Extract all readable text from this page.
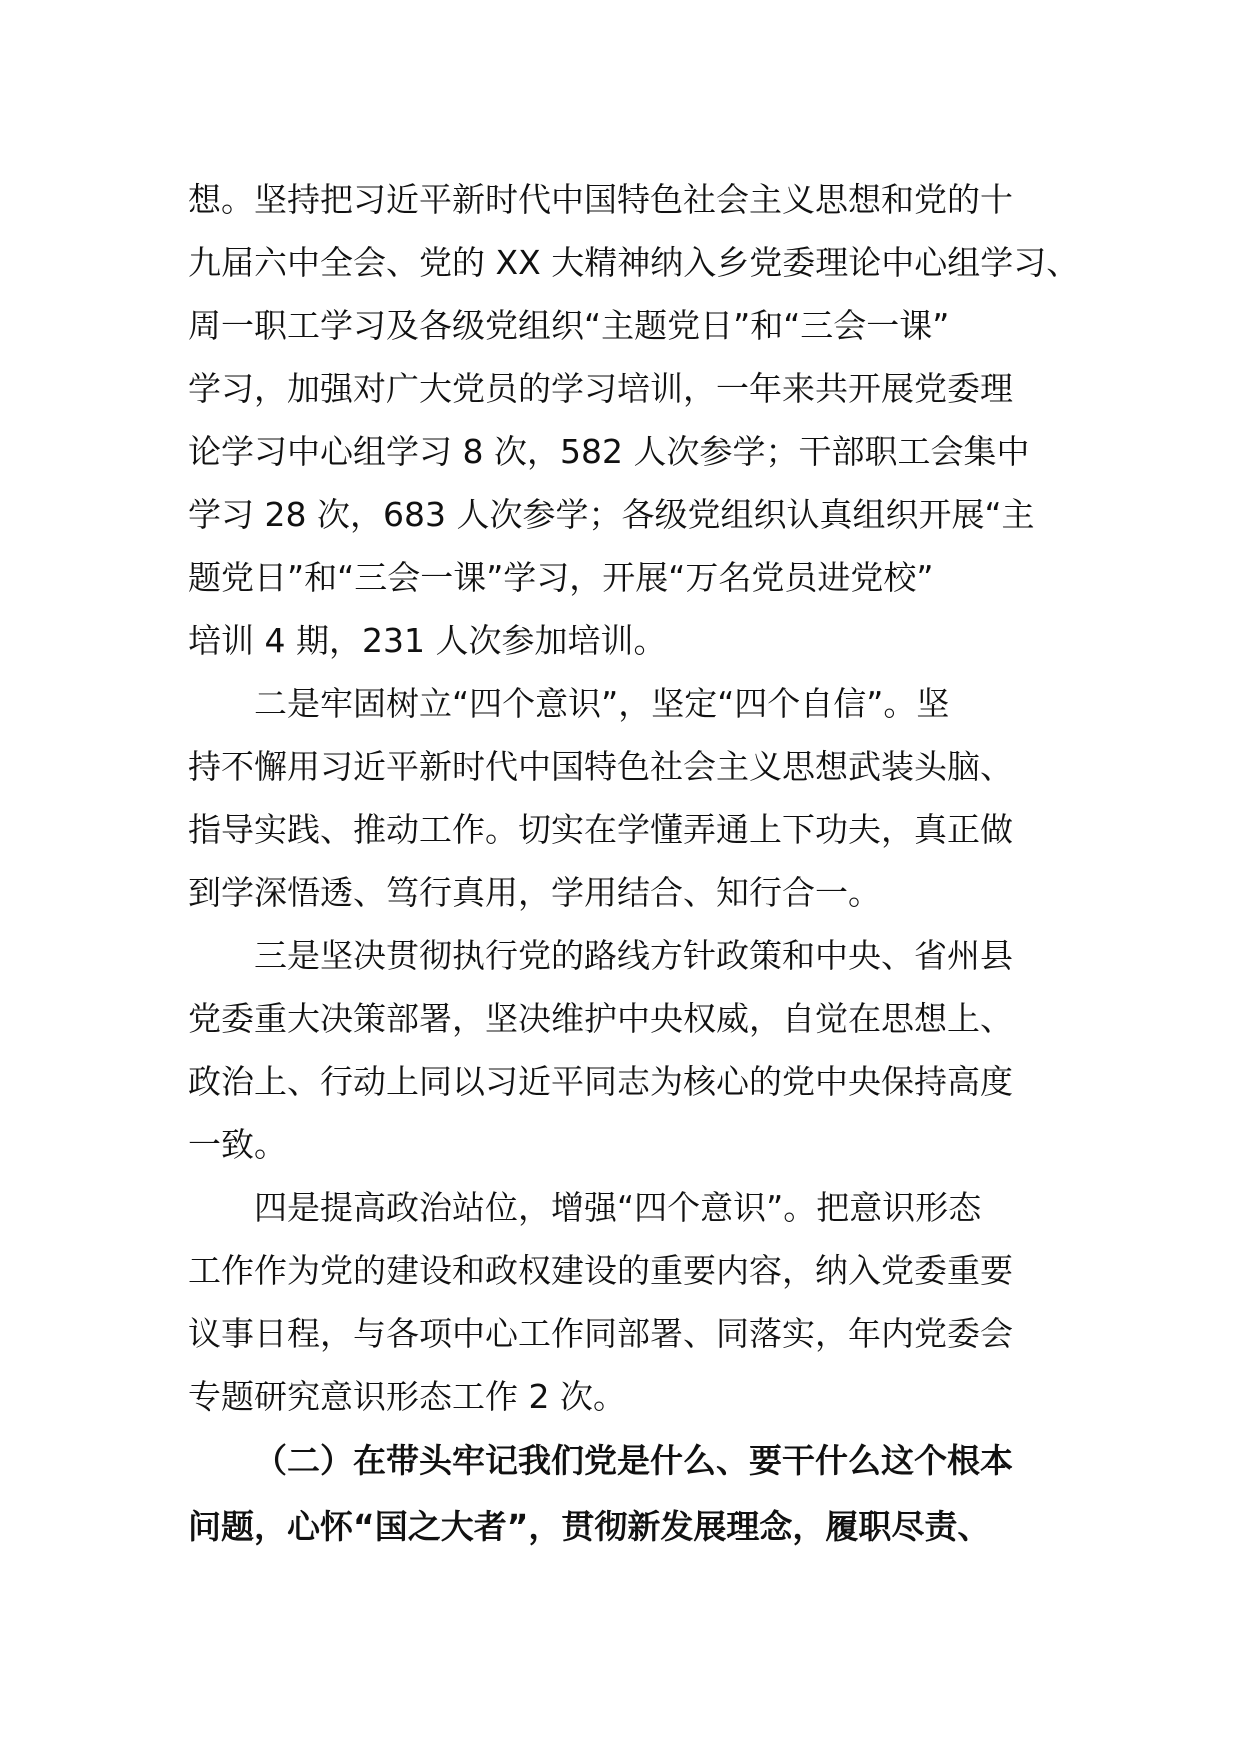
想。坚持把习近平新时代中国特色社会主义思想和党的十
九届六中全会、党的 XX 大精神纳入乡党委理论中心组学习、
周一职工学习及各级党组织“主题党日”和“三会一课”
学习，加强对广大党员的学习培训，一年来共开展党委理
论学习中心组学习 8 次，582 人次参学；干部职工会集中
学习 28 次，683 人次参学；各级党组织认真组织开展“主
题党日”和“三会一课”学习，开展“万名党员进党校”
培训 4 期，231 人次参加培训。
二是牢固树立“四个意识”，坚定“四个自信”。坚
持不懈用习近平新时代中国特色社会主义思想武装头脑、
指导实践、推动工作。切实在学懂弄通上下功夫，真正做
到学深悟透、笃行真用，学用结合、知行合一。
三是坚决贯彻执行党的路线方针政策和中央、省州县
党委重大决策部署，坚决维护中央权威，自觉在思想上、
政治上、行动上同以习近平同志为核心的党中央保持高度
一致。
四是提高政治站位，增强“四个意识”。把意识形态
工作作为党的建设和政权建设的重要内容，纳入党委重要
议事日程，与各项中心工作同部署、同落实，年内党委会
专题研究意识形态工作 2 次。
（二）在带头牢记我们党是什么、要干什么这个根本
问题，心怀“国之大者”，贯彻新发展理念，履职尽责、
